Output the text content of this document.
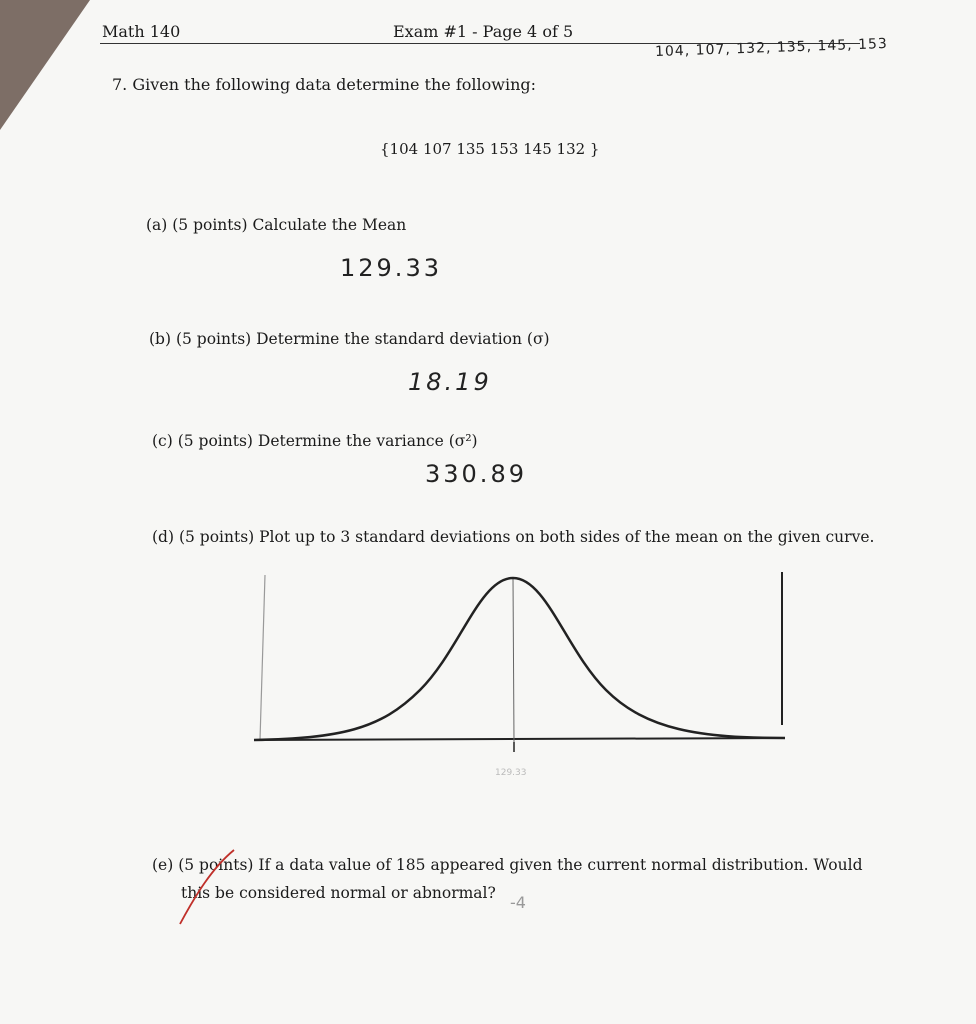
Math 140	Exam #1 - Page 4 of 5
104, 107, 132, 135, 145, 153
7. Given the following data determine the following:
{104 107 135 153 145 132 }
(a) (5 points) Calculate the Mean
129.33
(b) (5 points) Determine the standard deviation (σ)
18.19
(c) (5 points) Determine the variance (σ²)
330.89
(d) (5 points) Plot up to 3 standard deviations on both sides of the mean on the given curve.
129.33
(e) (5 points) If a data value of 185 appeared given the current normal distribution. Would
this be considered normal or abnormal? -4
